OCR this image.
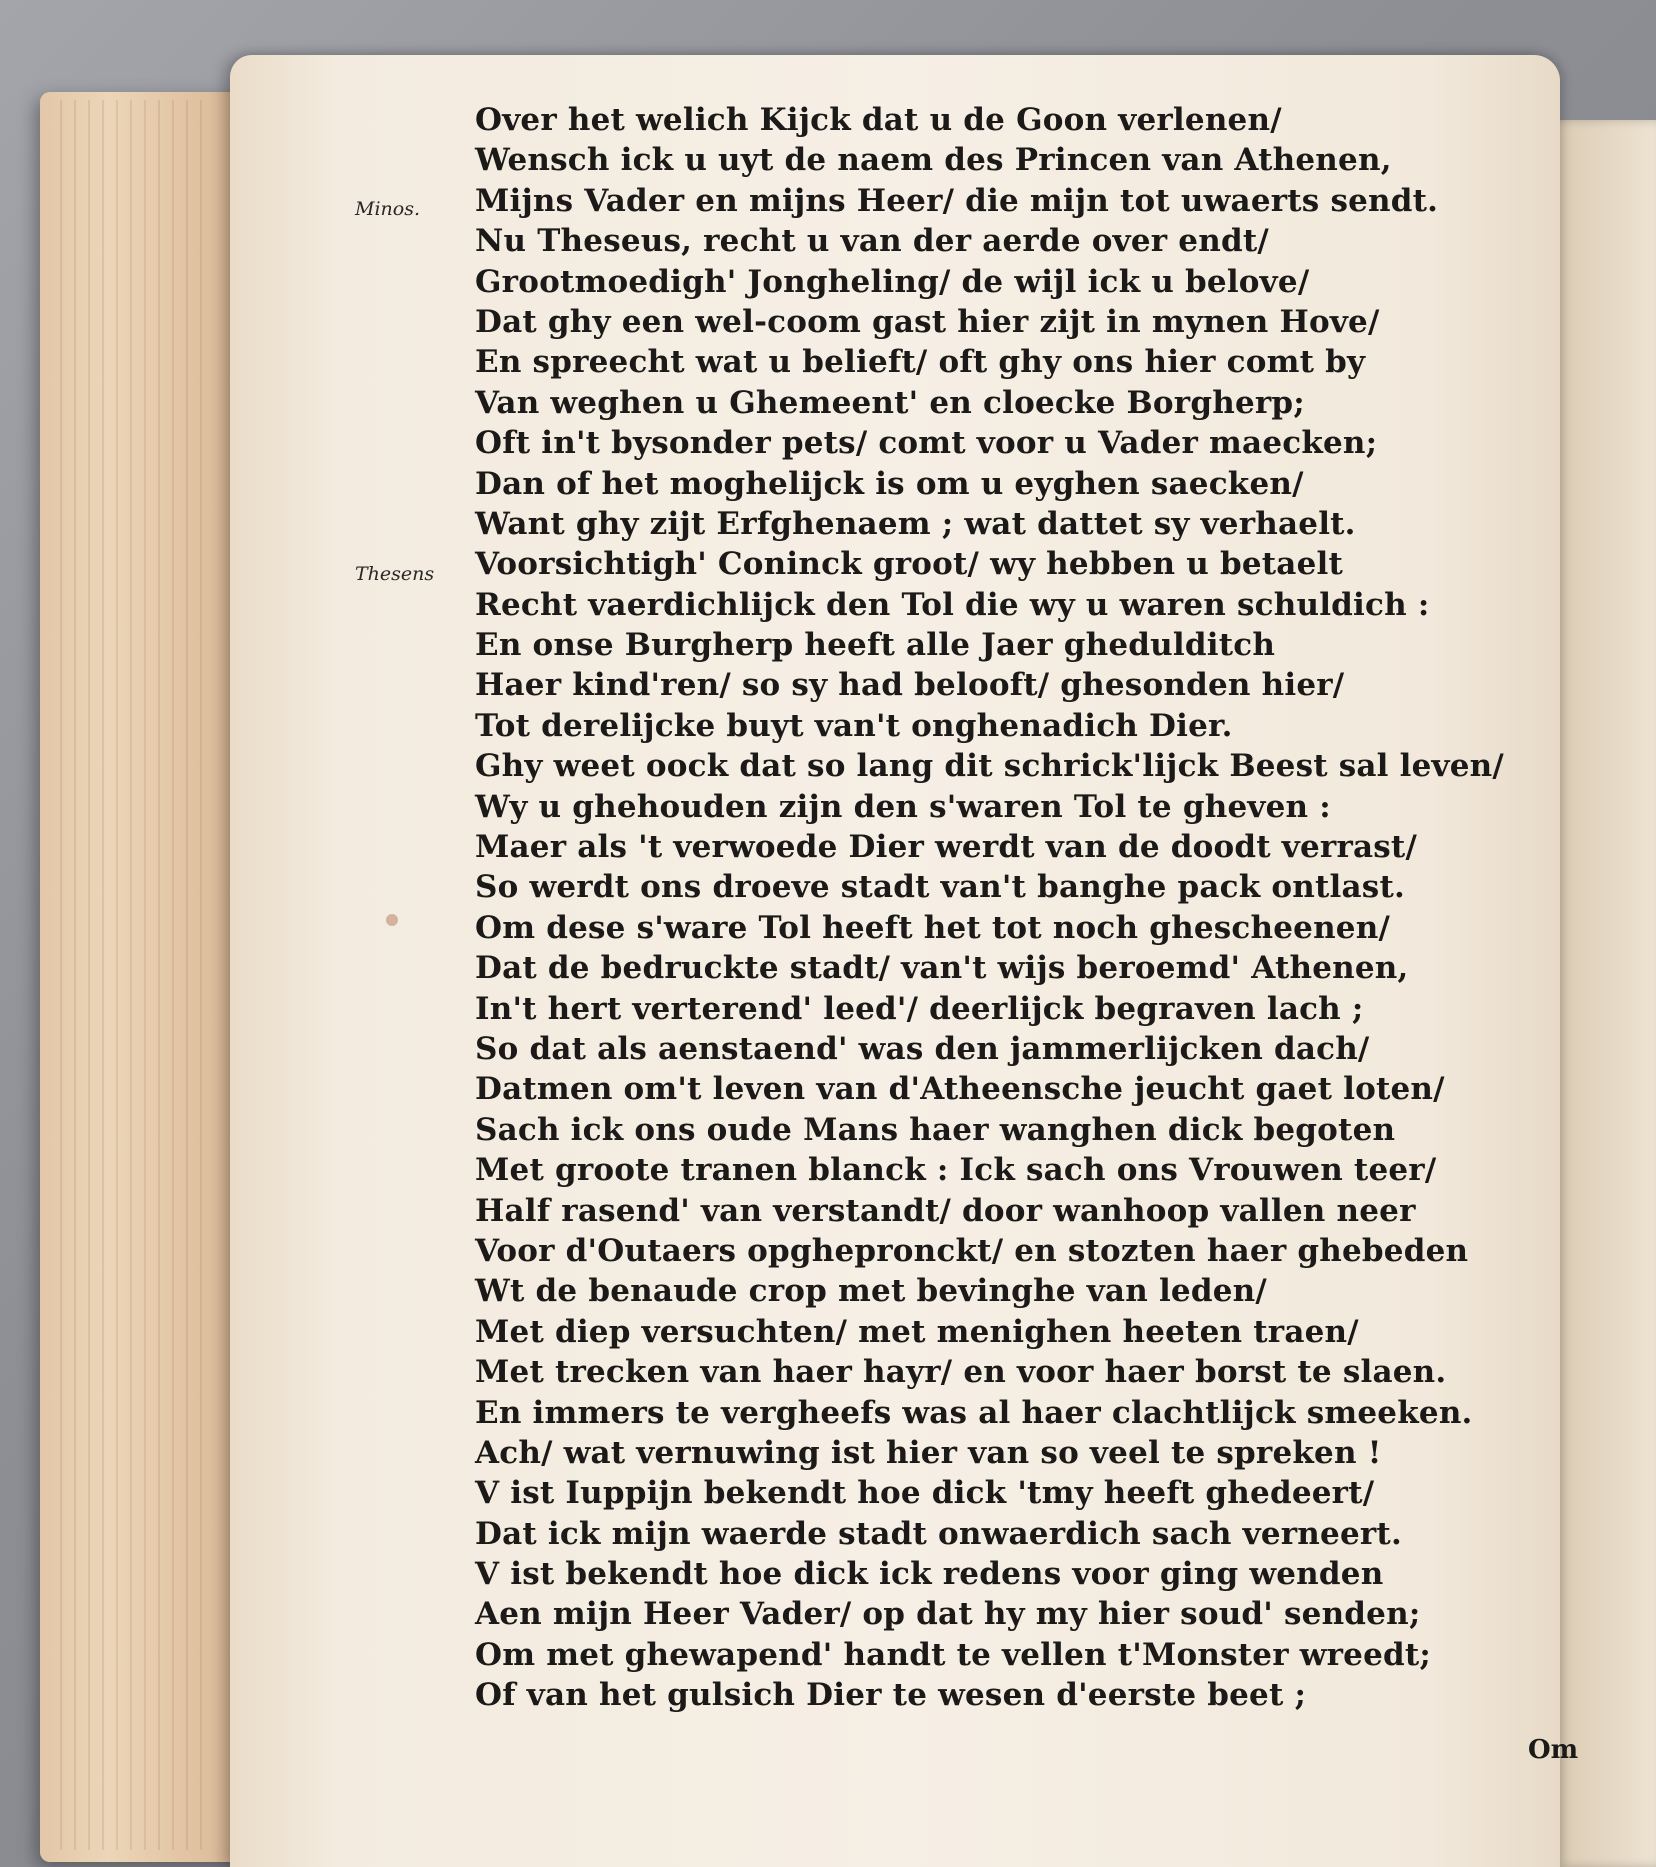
Minos.
Thesens
Over het welich Kijck dat u de Goon verlenen/
Wensch ick u uyt de naem des Princen van Athenen,
Mijns Vader en mijns Heer/ die mijn tot uwaerts sendt.
Nu Theseus, recht u van der aerde over endt/
Grootmoedigh' Jongheling/ de wijl ick u belove/
Dat ghy een wel-coom gast hier zijt in mynen Hove/
En spreecht wat u belieft/ oft ghy ons hier comt by
Van weghen u Ghemeent' en cloecke Borgherp;
Oft in't bysonder pets/ comt voor u Vader maecken;
Dan of het moghelijck is om u eyghen saecken/
Want ghy zijt Erfghenaem ; wat dattet sy verhaelt.
Voorsichtigh' Coninck groot/ wy hebben u betaelt
Recht vaerdichlijck den Tol die wy u waren schuldich :
En onse Burgherp heeft alle Jaer ghedulditch
Haer kind'ren/ so sy had belooft/ ghesonden hier/
Tot derelijcke buyt van't onghenadich Dier.
Ghy weet oock dat so lang dit schrick'lijck Beest sal leven/
Wy u ghehouden zijn den s'waren Tol te gheven :
Maer als 't verwoede Dier werdt van de doodt verrast/
So werdt ons droeve stadt van't banghe pack ontlast.
Om dese s'ware Tol heeft het tot noch ghescheenen/
Dat de bedruckte stadt/ van't wijs beroemd' Athenen,
In't hert verterend' leed'/ deerlijck begraven lach ;
So dat als aenstaend' was den jammerlijcken dach/
Datmen om't leven van d'Atheensche jeucht gaet loten/
Sach ick ons oude Mans haer wanghen dick begoten
Met groote tranen blanck : Ick sach ons Vrouwen teer/
Half rasend' van verstandt/ door wanhoop vallen neer
Voor d'Outaers opghepronckt/ en stozten haer ghebeden
Wt de benaude crop met bevinghe van leden/
Met diep versuchten/ met menighen heeten traen/
Met trecken van haer hayr/ en voor haer borst te slaen.
En immers te vergheefs was al haer clachtlijck smeeken.
Ach/ wat vernuwing ist hier van so veel te spreken !
V ist Iuppijn bekendt hoe dick 'tmy heeft ghedeert/
Dat ick mijn waerde stadt onwaerdich sach verneert.
V ist bekendt hoe dick ick redens voor ging wenden
Aen mijn Heer Vader/ op dat hy my hier soud' senden;
Om met ghewapend' handt te vellen t'Monster wreedt;
Of van het gulsich Dier te wesen d'eerste beet ;
Om
